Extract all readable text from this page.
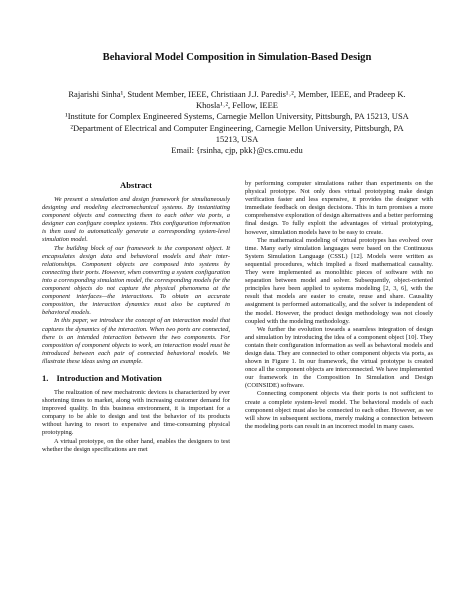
Behavioral Model Composition in Simulation-Based Design
Rajarishi Sinha¹, Student Member, IEEE, Christiaan J.J. Paredis¹˒², Member, IEEE, and Pradeep K.
Khosla¹˒², Fellow, IEEE
¹Institute for Complex Engineered Systems, Carnegie Mellon University, Pittsburgh, PA 15213, USA
²Department of Electrical and Computer Engineering, Carnegie Mellon University, Pittsburgh, PA
15213, USA
Email: {rsinha, cjp, pkk}@cs.cmu.edu
Abstract

We present a simulation and design framework for simultaneously designing and modeling electromechanical systems. By instantiating component objects and connecting them to each other via ports, a designer can configure complex systems. This configuration information is then used to automatically generate a corresponding system-level simulation model.

The building block of our framework is the component object. It encapsulates design data and behavioral models and their inter-relationships. Component objects are composed into systems by connecting their ports. However, when converting a system configuration into a corresponding simulation model, the corresponding models for the component objects do not capture the physical phenomena at the component interfaces—the interactions. To obtain an accurate composition, the interaction dynamics must also be captured in behavioral models.

In this paper, we introduce the concept of an interaction model that captures the dynamics of the interaction. When two ports are connected, there is an intended interaction between the two components. For composition of component objects to work, an interaction model must be introduced between each pair of connected behavioral models. We illustrate these ideas using an example.

1. Introduction and Motivation

The realization of new mechatronic devices is characterized by ever shortening times to market, along with increasing customer demand for improved quality. In this business environment, it is important for a company to be able to design and test the behavior of its products without having to resort to expensive and time-consuming physical prototyping.

A virtual prototype, on the other hand, enables the designers to test whether the design specifications are met

by performing computer simulations rather than experiments on the physical prototype. Not only does virtual prototyping make design verification faster and less expensive, it provides the designer with immediate feedback on design decisions. This in turn promises a more comprehensive exploration of design alternatives and a better performing final design. To fully exploit the advantages of virtual prototyping, however, simulation models have to be easy to create.

The mathematical modeling of virtual prototypes has evolved over time. Many early simulation languages were based on the Continuous System Simulation Language (CSSL) [12]. Models were written as sequential procedures, which implied a fixed mathematical causality. They were implemented as monolithic pieces of software with no separation between model and solver. Subsequently, object-oriented principles have been applied to systems modeling [2, 3, 6], with the result that models are easier to create, reuse and share. Causality assignment is performed automatically, and the solver is independent of the model. However, the product design methodology was not closely coupled with the modeling methodology.

We further the evolution towards a seamless integration of design and simulation by introducing the idea of a component object [10]. They contain their configuration information as well as behavioral models and design data. They are connected to other component objects via ports, as shown in Figure 1. In our framework, the virtual prototype is created once all the component objects are interconnected. We have implemented our framework in the Composition In Simulation and Design (COINSIDE) software.

Connecting component objects via their ports is not sufficient to create a complete system-level model. The behavioral models of each component object must also be connected to each other. However, as we will show in subsequent sections, merely making a connection between the modeling ports can result in an incorrect model in many cases.
